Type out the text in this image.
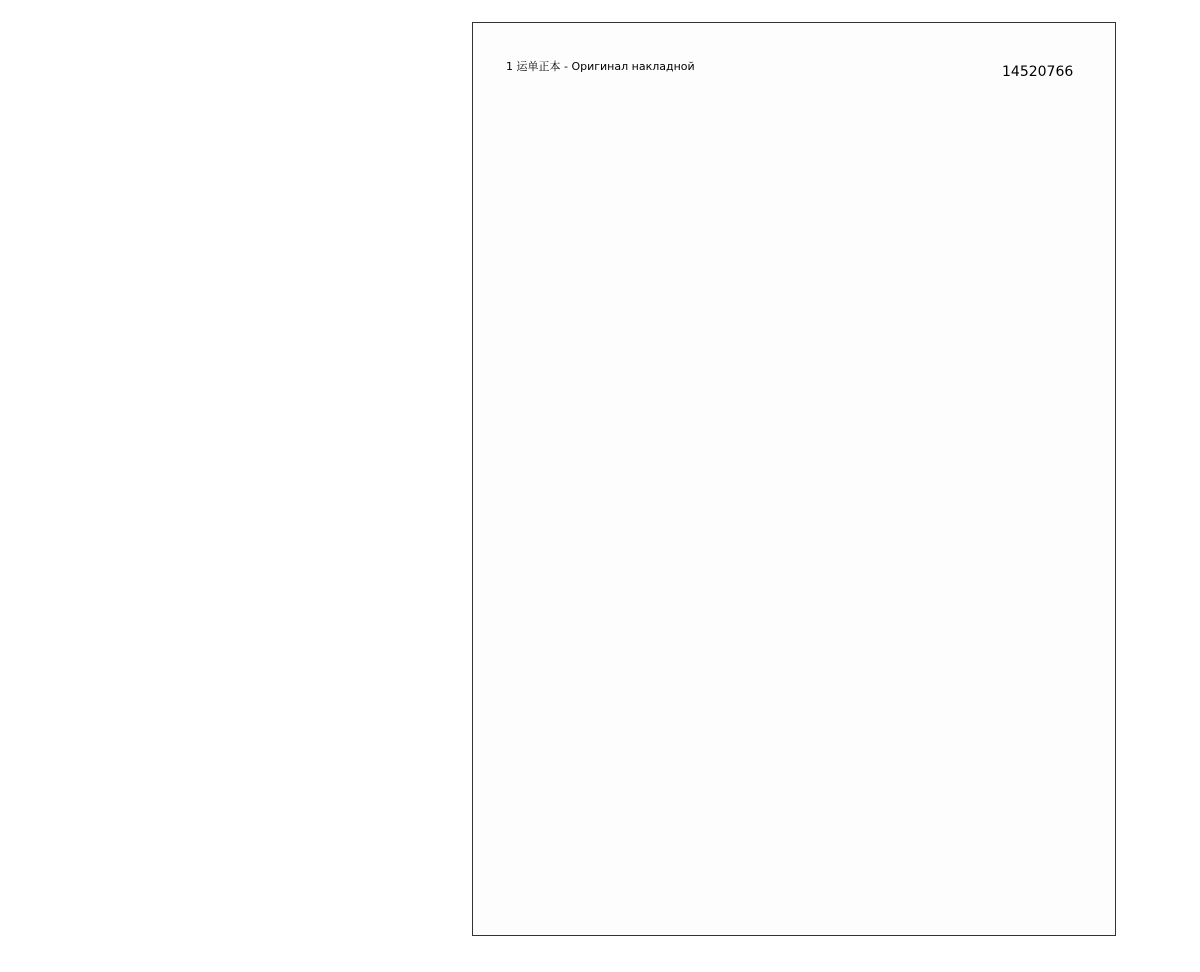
1 运单正本 - Оригинал накладной	14520766
